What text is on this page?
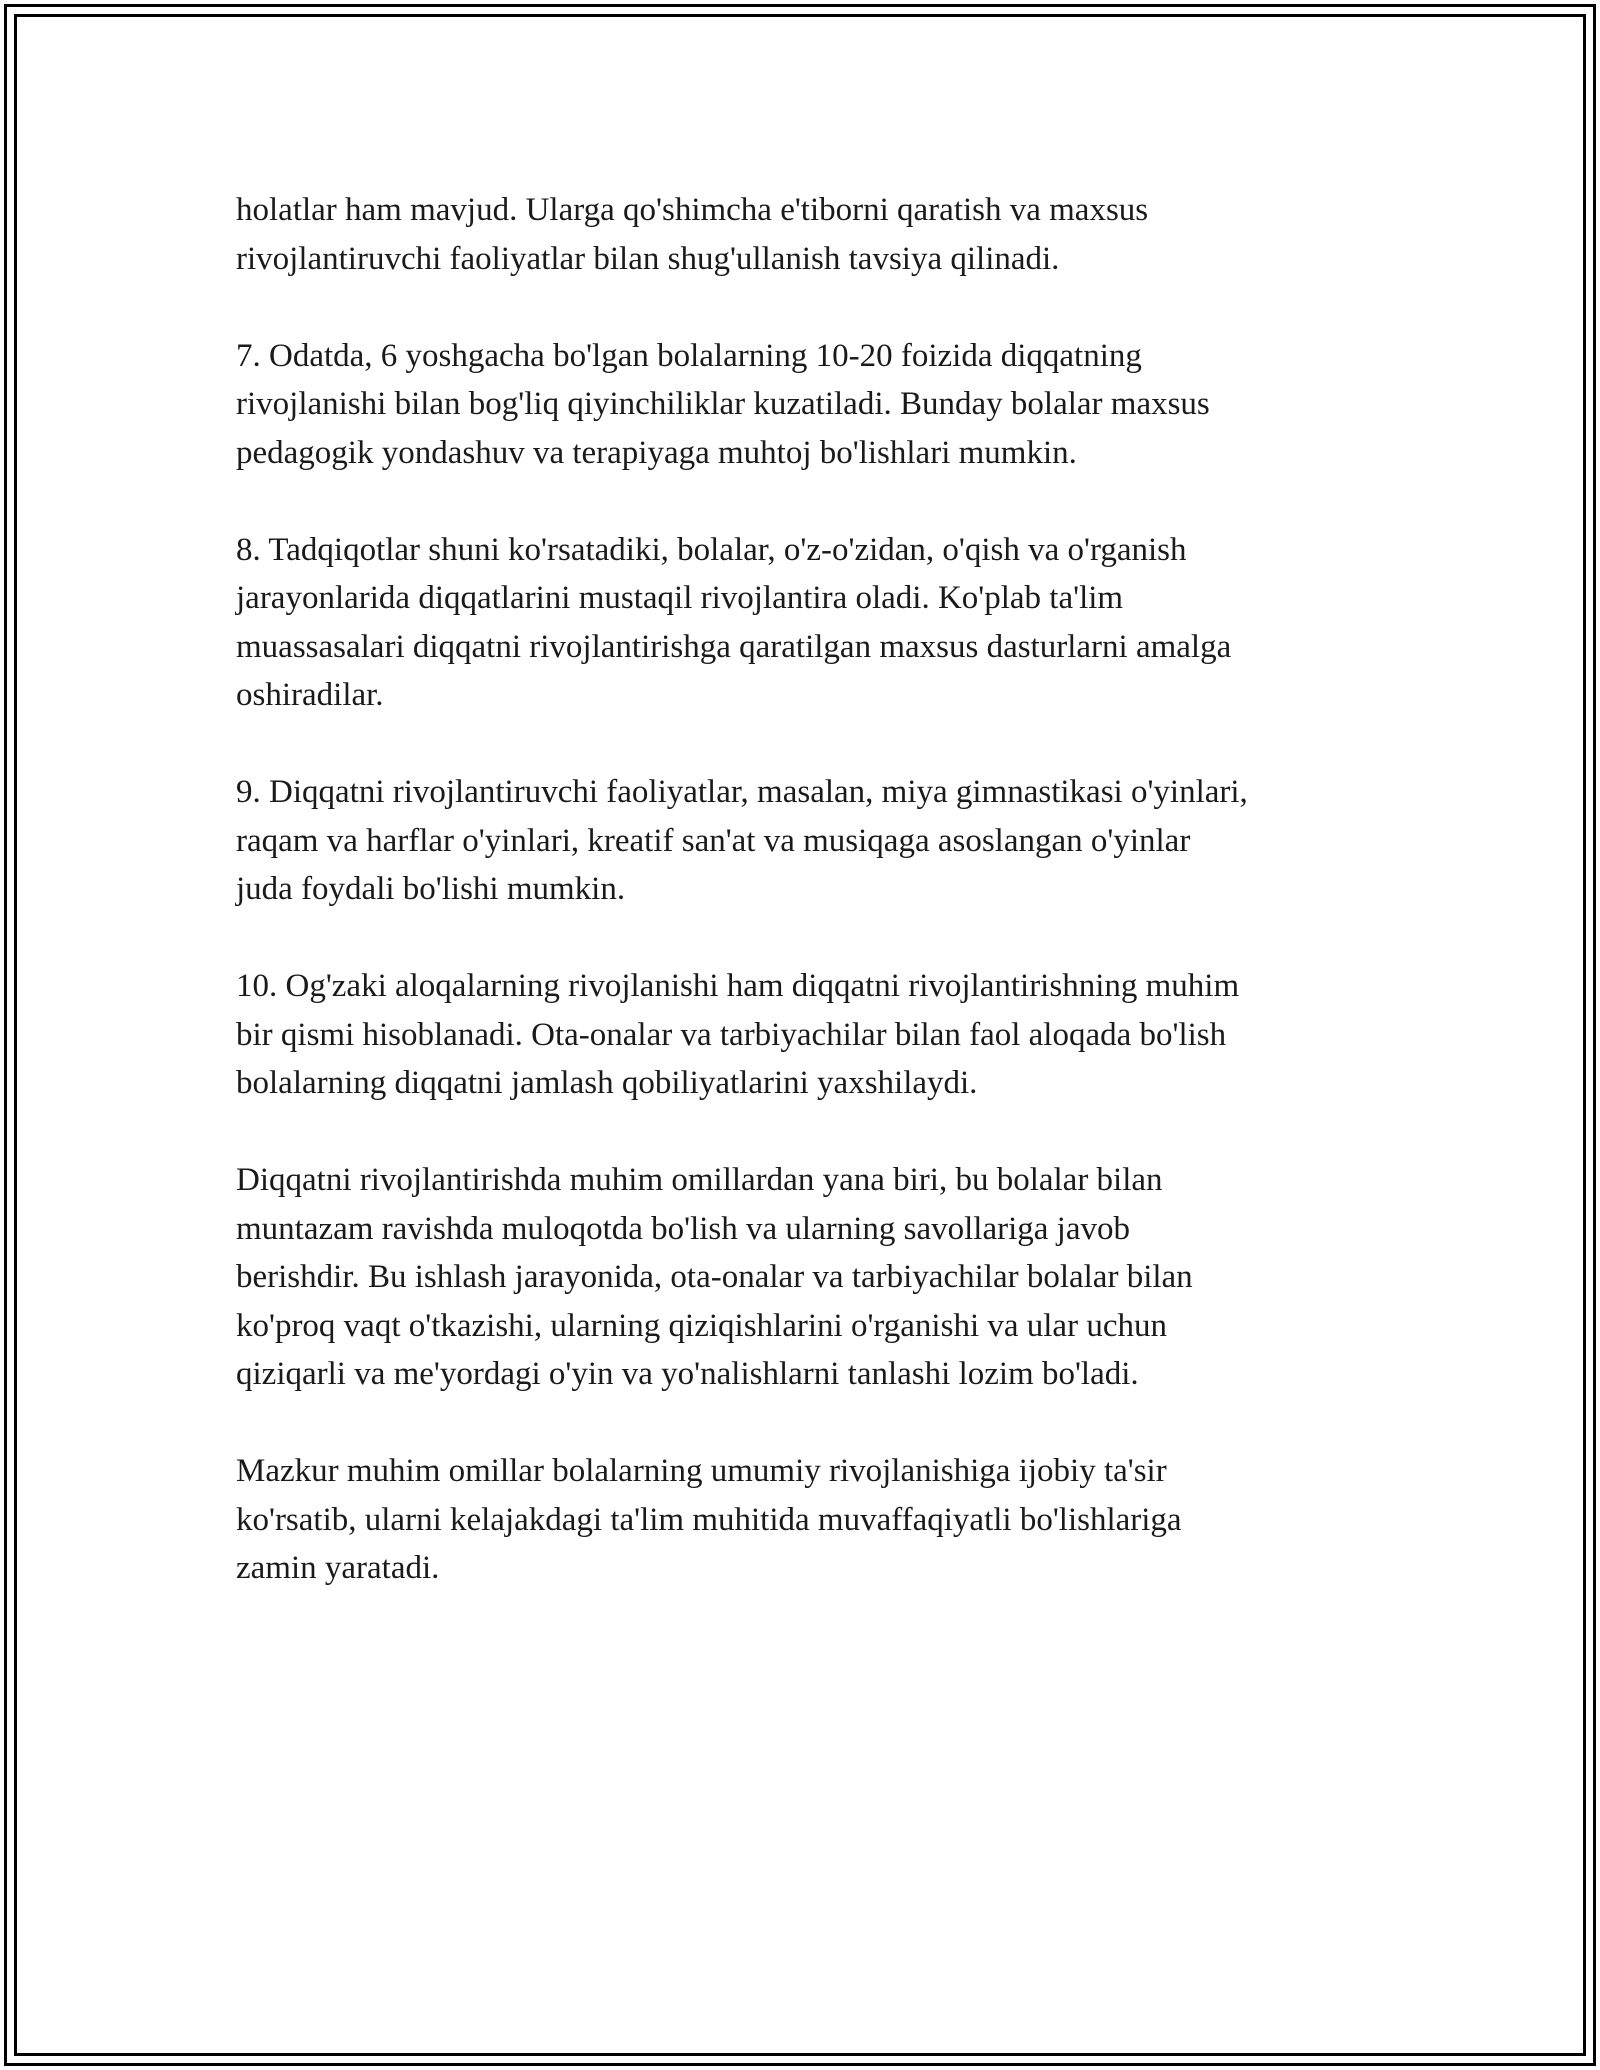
holatlar ham mavjud. Ularga qo'shimcha e'tiborni qaratish va maxsus
rivojlantiruvchi faoliyatlar bilan shug'ullanish tavsiya qilinadi.

7. Odatda, 6 yoshgacha bo'lgan bolalarning 10-20 foizida diqqatning
rivojlanishi bilan bog'liq qiyinchiliklar kuzatiladi. Bunday bolalar maxsus
pedagogik yondashuv va terapiyaga muhtoj bo'lishlari mumkin.

8. Tadqiqotlar shuni ko'rsatadiki, bolalar, o'z-o'zidan, o'qish va o'rganish
jarayonlarida diqqatlarini mustaqil rivojlantira oladi. Ko'plab ta'lim
muassasalari diqqatni rivojlantirishga qaratilgan maxsus dasturlarni amalga
oshiradilar.

9. Diqqatni rivojlantiruvchi faoliyatlar, masalan, miya gimnastikasi o'yinlari,
raqam va harflar o'yinlari, kreatif san'at va musiqaga asoslangan o'yinlar
juda foydali bo'lishi mumkin.

10. Og'zaki aloqalarning rivojlanishi ham diqqatni rivojlantirishning muhim
bir qismi hisoblanadi. Ota-onalar va tarbiyachilar bilan faol aloqada bo'lish
bolalarning diqqatni jamlash qobiliyatlarini yaxshilaydi.

Diqqatni rivojlantirishda muhim omillardan yana biri, bu bolalar bilan
muntazam ravishda muloqotda bo'lish va ularning savollariga javob
berishdir. Bu ishlash jarayonida, ota-onalar va tarbiyachilar bolalar bilan
ko'proq vaqt o'tkazishi, ularning qiziqishlarini o'rganishi va ular uchun
qiziqarli va me'yordagi o'yin va yo'nalishlarni tanlashi lozim bo'ladi.

Mazkur muhim omillar bolalarning umumiy rivojlanishiga ijobiy ta'sir
ko'rsatib, ularni kelajakdagi ta'lim muhitida muvaffaqiyatli bo'lishlariga
zamin yaratadi.
